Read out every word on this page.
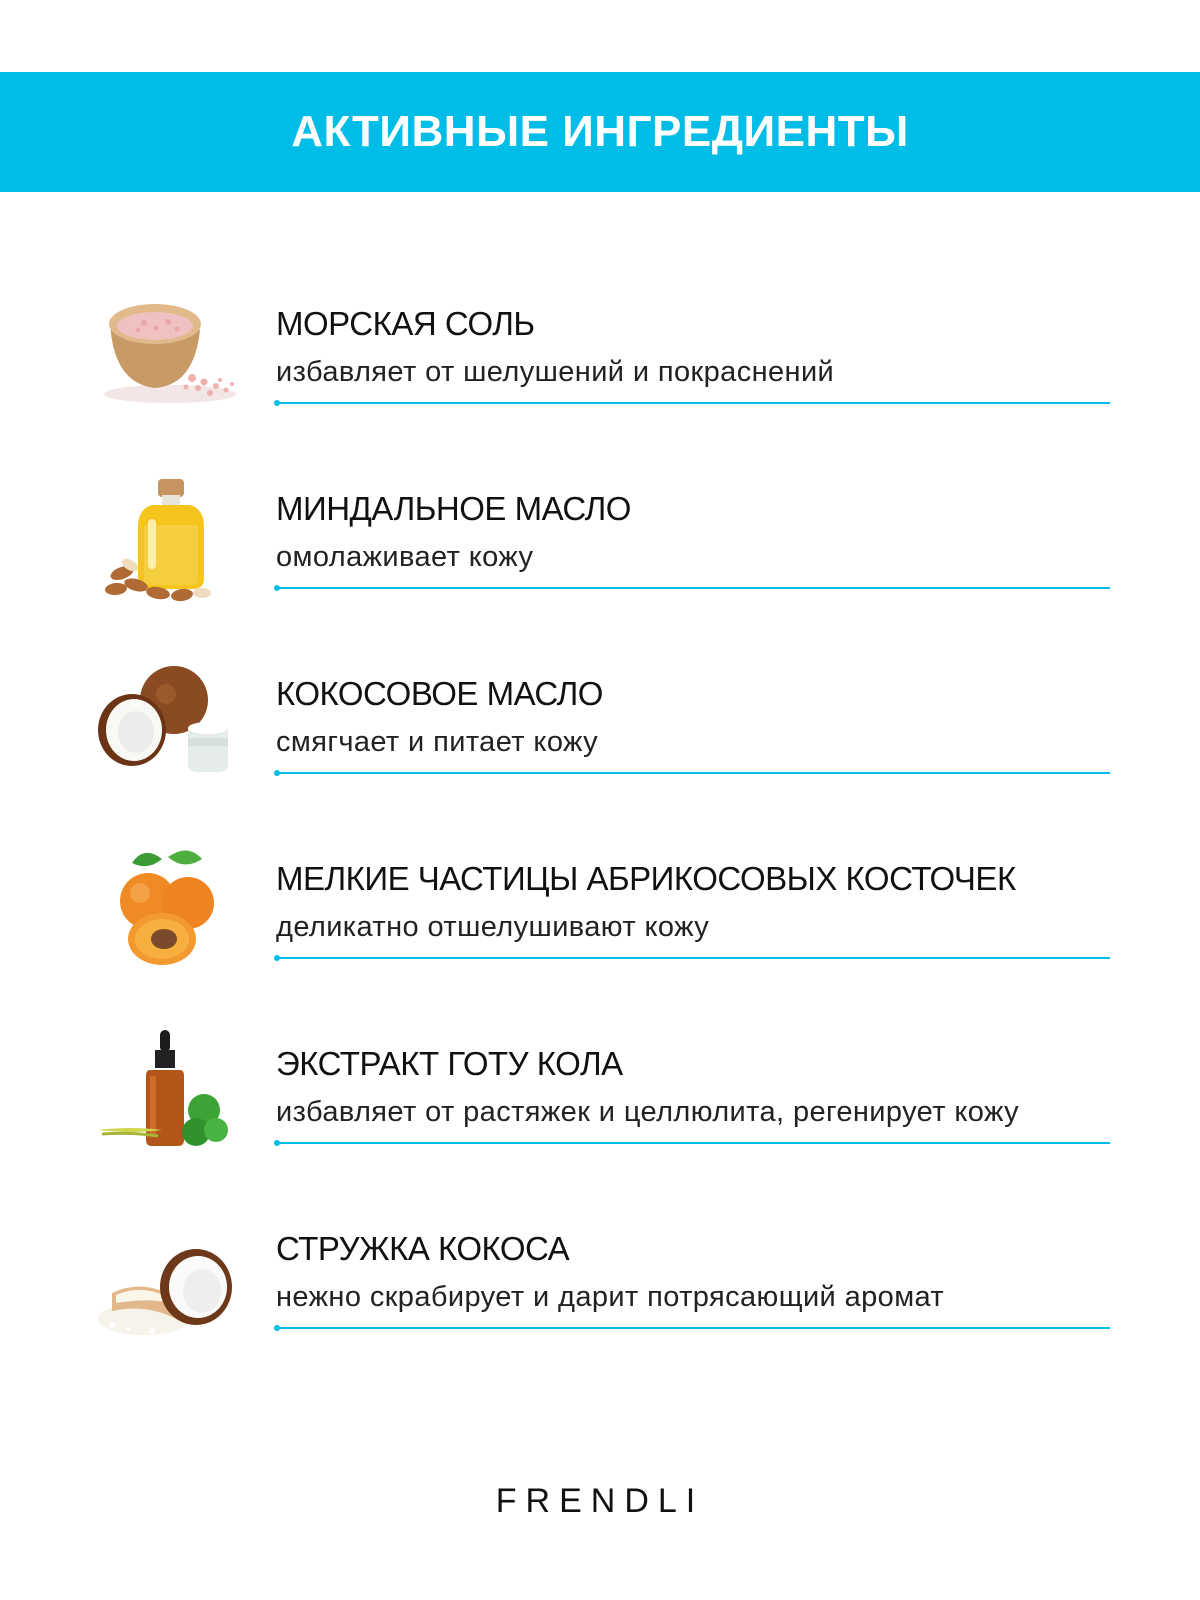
АКТИВНЫЕ ИНГРЕДИЕНТЫ
МОРСКАЯ СОЛЬ
избавляет от шелушений и покраснений
МИНДАЛЬНОЕ МАСЛО
омолаживает кожу
КОКОСОВОЕ МАСЛО
смягчает и питает кожу
МЕЛКИЕ ЧАСТИЦЫ АБРИКОСОВЫХ КОСТОЧЕК
деликатно отшелушивают кожу
ЭКСТРАКТ ГОТУ КОЛА
избавляет от растяжек и целлюлита, регенирует кожу
СТРУЖКА КОКОСА
нежно скрабирует и дарит потрясающий аромат
FRENDLI
